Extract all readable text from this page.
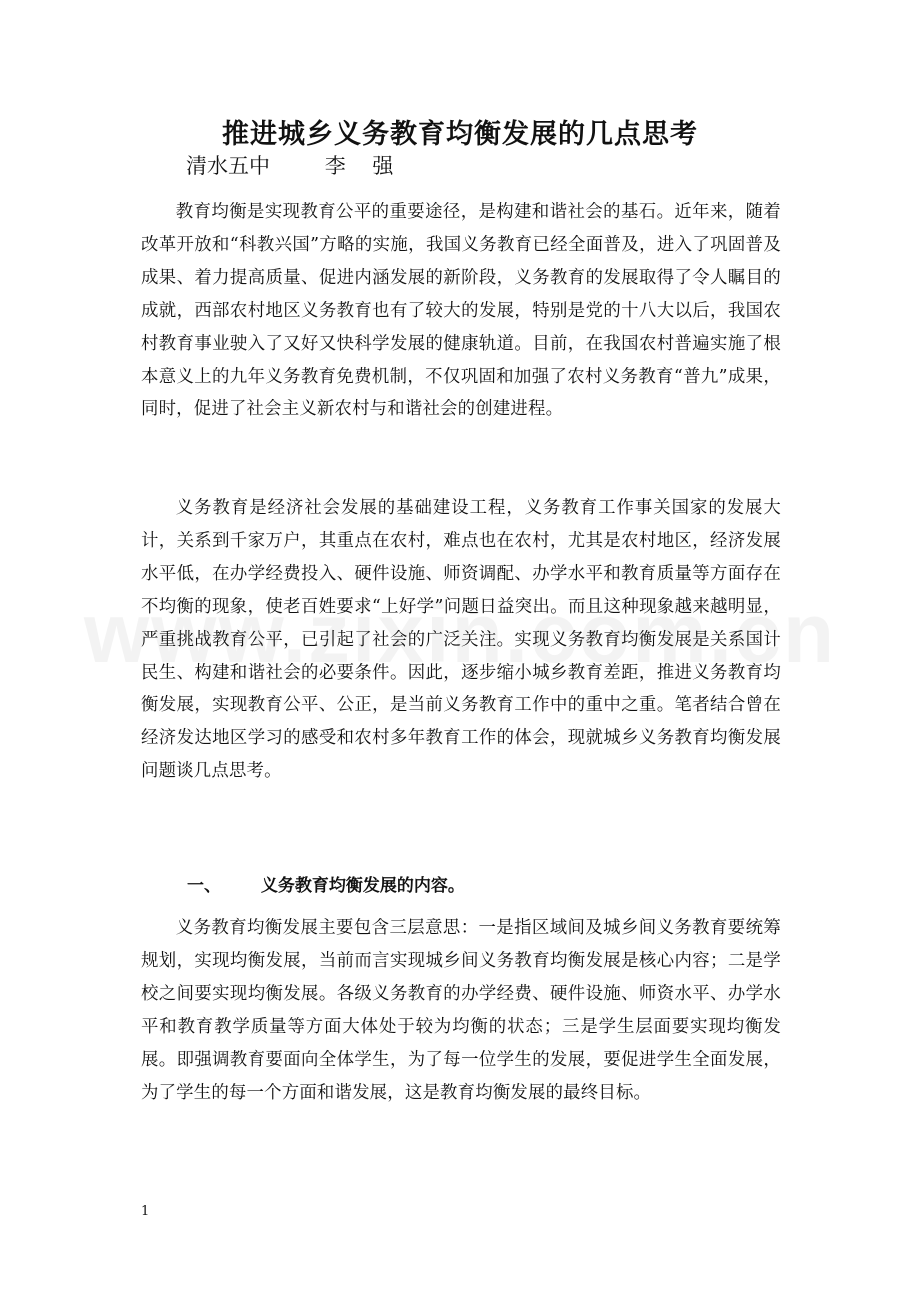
推进城乡义务教育均衡发展的几点思考
清水五中	李 强

教育均衡是实现教育公平的重要途径，是构建和谐社会的基石。近年来，随着改革开放和“科教兴国”方略的实施，我国义务教育已经全面普及，进入了巩固普及成果、着力提高质量、促进内涵发展的新阶段，义务教育的发展取得了令人瞩目的成就，西部农村地区义务教育也有了较大的发展，特别是党的十八大以后，我国农村教育事业驶入了又好又快科学发展的健康轨道。目前，在我国农村普遍实施了根本意义上的九年义务教育免费机制，不仅巩固和加强了农村义务教育“普九”成果，同时，促进了社会主义新农村与和谐社会的创建进程。

义务教育是经济社会发展的基础建设工程，义务教育工作事关国家的发展大计，关系到千家万户，其重点在农村，难点也在农村，尤其是农村地区，经济发展水平低，在办学经费投入、硬件设施、师资调配、办学水平和教育质量等方面存在不均衡的现象，使老百姓要求“上好学”问题日益突出。而且这种现象越来越明显，严重挑战教育公平，已引起了社会的广泛关注。实现义务教育均衡发展是关系国计民生、构建和谐社会的必要条件。因此，逐步缩小城乡教育差距，推进义务教育均衡发展，实现教育公平、公正，是当前义务教育工作中的重中之重。笔者结合曾在经济发达地区学习的感受和农村多年教育工作的体会，现就城乡义务教育均衡发展问题谈几点思考。

一、 义务教育均衡发展的内容。

义务教育均衡发展主要包含三层意思：一是指区域间及城乡间义务教育要统筹规划，实现均衡发展，当前而言实现城乡间义务教育均衡发展是核心内容；二是学校之间要实现均衡发展。各级义务教育的办学经费、硬件设施、师资水平、办学水平和教育教学质量等方面大体处于较为均衡的状态；三是学生层面要实现均衡发展。即强调教育要面向全体学生，为了每一位学生的发展，要促进学生全面发展，为了学生的每一个方面和谐发展，这是教育均衡发展的最终目标。

1
